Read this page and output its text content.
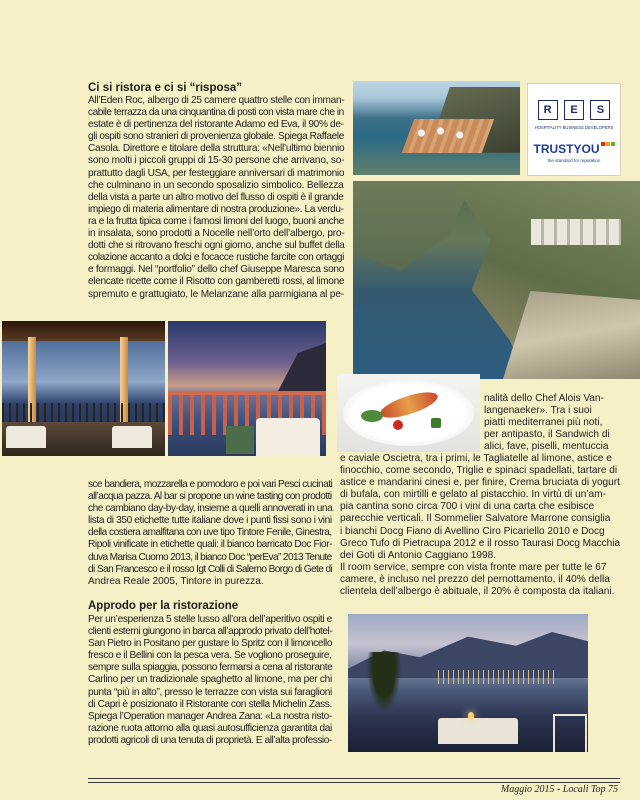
Ci si ristora e ci si “risposa”
All’Eden Roc, albergo di 25 camere quattro stelle con imman-
cabile terrazza da una cinquantina di posti con vista mare che in
estate è di pertinenza del ristorante Adamo ed Eva, il 90% de-
gli ospiti sono stranieri di provenienza globale. Spiega Raffaele
Casola. Direttore e titolare della struttura: «Nell’ultimo biennio
sono molti i piccoli gruppi di 15-30 persone che arrivano, so-
prattutto dagli USA, per festeggiare anniversari di matrimonio
che culminano in un secondo sposalizio simbolico. Bellezza
della vista a parte un altro motivo del flusso di ospiti è il grande
impiego di materia alimentare di nostra produzione». La verdu-
ra e la frutta tipica come i famosi limoni del luogo, buoni anche
in insalata, sono prodotti a Nocelle nell’orto dell’albergo, pro-
dotti che si ritrovano freschi ogni giorno, anche sul buffet della
colazione accanto a dolci e focacce rustiche farcite con ortaggi
e formaggi. Nel “portfolio” dello chef Giuseppe Maresca sono
elencate ricette come il Risotto con gamberetti rossi, al limone
spremuto e grattugiato, le Melanzane alla parmigiana al pe-
sce bandiera, mozzarella e pomodoro e poi vari Pesci cucinati
all’acqua pazza. Al bar si propone un wine tasting con prodotti
che cambiano day-by-day, insieme a quelli annoverati in una
lista di 350 etichette tutte italiane dove i punti fissi sono i vini
della costiera amalfitana con uve tipo Tintore Fenile, Ginestra,
Ripoli vinificate in etichette quali: il bianco barricato Doc Fior-
duva Marisa Cuomo 2013, il bianco Doc “perEva” 2013 Tenute
di San Francesco e il rosso Igt Colli di Salerno Borgo di Gete di
Andrea Reale 2005, Tintore in purezza.
Approdo per la ristorazione
Per un’esperienza 5 stelle lusso all’ora dell’aperitivo ospiti e
clienti esterni giungono in barca all’approdo privato dell’hotel-
San Pietro in Positano per gustare lo Spritz con il limoncello
fresco e il Bellini con la pesca vera. Se vogliono proseguire,
sempre sulla spiaggia, possono fermarsi a cena al ristorante
Carlino per un tradizionale spaghetto al limone, ma per chi
punta “più in alto”, presso le terrazze con vista sui faraglioni
di Capri è posizionato il Ristorante con stella Michelin Zass.
Spiega l’Operation manager Andrea Zana: «La nostra risto-
razione ruota attorno alla quasi autosufficienza garantita dai
prodotti agricoli di una tenuta di proprietà. E all’alta professio-
nalità dello Chef Alois Van-
langenaeker». Tra i suoi
piatti mediterranei più noti,
per antipasto, il Sandwich di
alici, fave, piselli, mentuccia
e caviale Oscietra, tra i primi, le Tagliatelle al limone, astice e
finocchio, come secondo, Triglie e spinaci spadellati, tartare di
astice e mandarini cinesi e, per finire, Crema bruciata di yogurt
di bufala, con mirtilli e gelato al pistacchio. In virtù di un’am-
pia cantina sono circa 700 i vini di una carta che esibisce
parecchie verticali. Il Sommelier Salvatore Marrone consiglia
i bianchi Docg Fiano di Avellino Ciro Picariello 2010 e Docg
Greco Tufo di Pietracupa 2012 e il rosso Taurasi Docg Macchia
dei Goti di Antonio Caggiano 1998.
Il room service, sempre con vista fronte mare per tutte le 67
camere, è incluso nel prezzo del pernottamento, il 40% della
clientela dell’albergo è abituale, il 20% è composta da italiani.
R E S
HOSPITALITY BUSINESS DEVELOPERS
TRUSTYOU
the standard for reputation
Maggio 2015 - Locali Top 75
